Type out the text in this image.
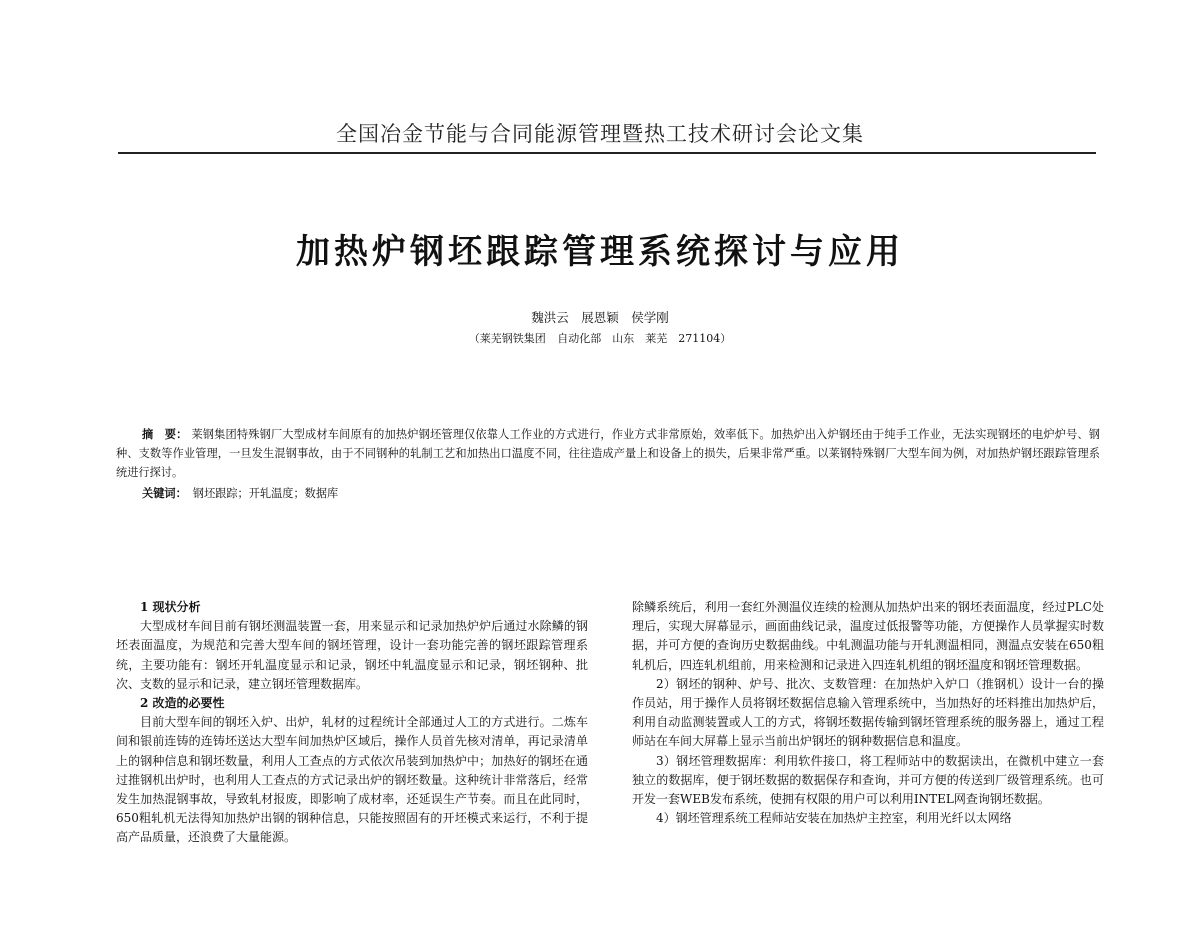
全国冶金节能与合同能源管理暨热工技术研讨会论文集
加热炉钢坯跟踪管理系统探讨与应用
魏洪云　展恩颖　侯学刚
（莱芜钢铁集团 自动化部　山东　莱芜　271104）

摘　要： 莱钢集团特殊钢厂大型成材车间原有的加热炉钢坯管理仅依靠人工作业的方式进行，作业方式非常原始，效率低下。加热炉出入炉钢坯由于纯手工作业，无法实现钢坯的电炉炉号、钢种、支数等作业管理，一旦发生混钢事故，由于不同钢种的轧制工艺和加热出口温度不同，往往造成产量上和设备上的损失，后果非常严重。以莱钢特殊钢厂大型车间为例，对加热炉钢坯跟踪管理系统进行探讨。

关键词： 钢坯跟踪；开轧温度；数据库
1 现状分析

大型成材车间目前有钢坯测温装置一套，用来显示和记录加热炉炉后通过水除鳞的钢坯表面温度，为规范和完善大型车间的钢坯管理，设计一套功能完善的钢坯跟踪管理系统，主要功能有：钢坯开轧温度显示和记录，钢坯中轧温度显示和记录，钢坯钢种、批次、支数的显示和记录，建立钢坯管理数据库。

2 改造的必要性

目前大型车间的钢坯入炉、出炉，轧材的过程统计全部通过人工的方式进行。二炼车间和银前连铸的连铸坯送达大型车间加热炉区域后，操作人员首先核对清单，再记录清单上的钢种信息和钢坯数量，利用人工查点的方式依次吊装到加热炉中；加热好的钢坯在通过推钢机出炉时，也利用人工查点的方式记录出炉的钢坯数量。这种统计非常落后，经常发生加热混钢事故，导致轧材报废，即影响了成材率，还延误生产节奏。而且在此同时，650粗轧机无法得知加热炉出钢的钢种信息，只能按照固有的开坯模式来运行，不利于提高产品质量，还浪费了大量能源。

除鳞系统后，利用一套红外测温仪连续的检测从加热炉出来的钢坯表面温度，经过PLC处理后，实现大屏幕显示，画面曲线记录，温度过低报警等功能，方便操作人员掌握实时数据，并可方便的查询历史数据曲线。中轧测温功能与开轧测温相同，测温点安装在650粗轧机后，四连轧机组前，用来检测和记录进入四连轧机组的钢坯温度和钢坯管理数据。

2）钢坯的钢种、炉号、批次、支数管理：在加热炉入炉口（推钢机）设计一台的操作员站，用于操作人员将钢坯数据信息输入管理系统中，当加热好的坯料推出加热炉后，利用自动监测装置或人工的方式，将钢坯数据传输到钢坯管理系统的服务器上，通过工程师站在车间大屏幕上显示当前出炉钢坯的钢种数据信息和温度。

3）钢坯管理数据库：利用软件接口，将工程师站中的数据读出，在微机中建立一套独立的数据库，便于钢坯数据的数据保存和查询，并可方便的传送到厂级管理系统。也可开发一套WEB发布系统，使拥有权限的用户可以利用INTEL网查询钢坯数据。

4）钢坯管理系统工程师站安装在加热炉主控室，利用光纤以太网络
